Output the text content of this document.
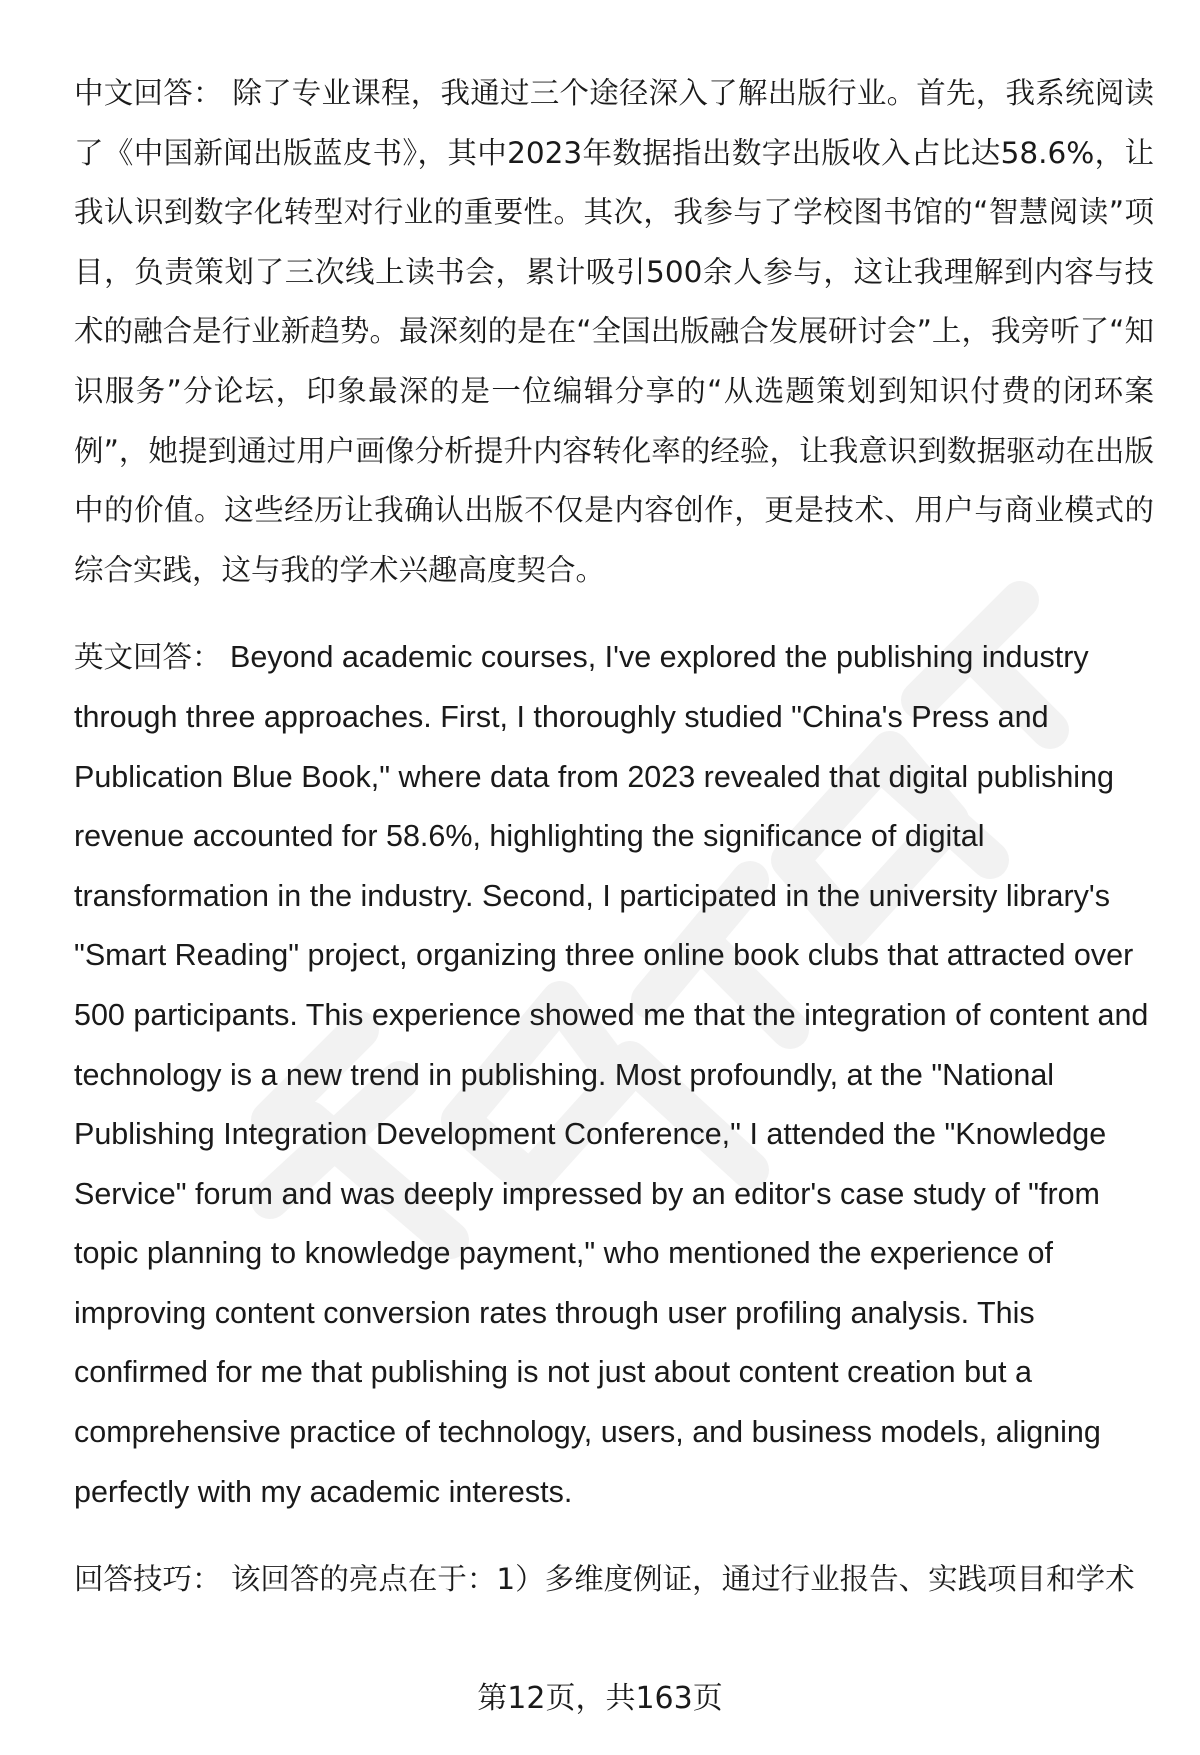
中文回答： 除了专业课程，我通过三个途径深入了解出版行业。首先，我系统阅读了《中国新闻出版蓝皮书》，其中2023年数据指出数字出版收入占比达58.6%，让我认识到数字化转型对行业的重要性。其次，我参与了学校图书馆的“智慧阅读”项目，负责策划了三次线上读书会，累计吸引500余人参与，这让我理解到内容与技术的融合是行业新趋势。最深刻的是在“全国出版融合发展研讨会”上，我旁听了“知识服务”分论坛，印象最深的是一位编辑分享的“从选题策划到知识付费的闭环案例”，她提到通过用户画像分析提升内容转化率的经验，让我意识到数据驱动在出版中的价值。这些经历让我确认出版不仅是内容创作，更是技术、用户与商业模式的综合实践，这与我的学术兴趣高度契合。

英文回答： Beyond academic courses, I've explored the publishing industry through three approaches. First, I thoroughly studied "China's Press and Publication Blue Book," where data from 2023 revealed that digital publishing revenue accounted for 58.6%, highlighting the significance of digital transformation in the industry. Second, I participated in the university library's "Smart Reading" project, organizing three online book clubs that attracted over 500 participants. This experience showed me that the integration of content and technology is a new trend in publishing. Most profoundly, at the "National Publishing Integration Development Conference," I attended the "Knowledge Service" forum and was deeply impressed by an editor's case study of "from topic planning to knowledge payment," who mentioned the experience of improving content conversion rates through user profiling analysis. This confirmed for me that publishing is not just about content creation but a comprehensive practice of technology, users, and business models, aligning perfectly with my academic interests.

回答技巧： 该回答的亮点在于：1）多维度例证，通过行业报告、实践项目和学术

第12页，共163页
